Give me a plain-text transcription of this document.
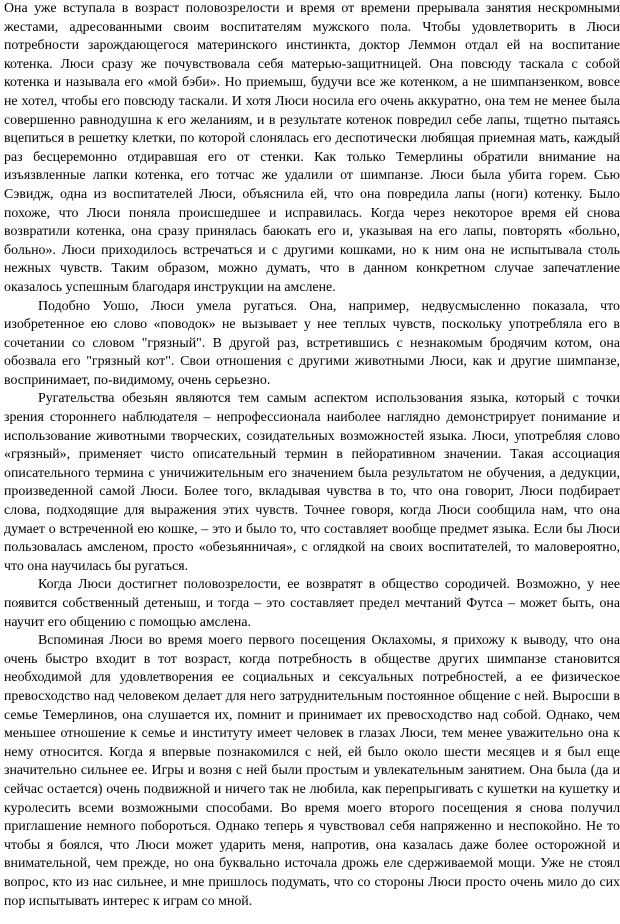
Она уже вступала в возраст половозрелости и время от времени прерывала занятия нескромными жестами, адресованными своим воспитателям мужского пола. Чтобы удовлетворить в Люси потребности зарождающегося материнского инстинкта, доктор Леммон отдал ей на воспитание котенка. Люси сразу же почувствовала себя матерью-защитницей. Она повсюду таскала с собой котенка и называла его «мой бэби». Но приемыш, будучи все же котенком, а не шимпанзенком, вовсе не хотел, чтобы его повсюду таскали. И хотя Люси носила его очень аккуратно, она тем не менее была совершенно равнодушна к его желаниям, и в результате котенок повредил себе лапы, тщетно пытаясь вцепиться в решетку клетки, по которой слонялась его деспотически любящая приемная мать, каждый раз бесцеремонно отдиравшая его от стенки. Как только Темерлины обратили внимание на изъязвленные лапки котенка, его тотчас же удалили от шимпанзе. Люси была убита горем. Сью Сэвидж, одна из воспитателей Люси, объяснила ей, что она повредила лапы (ноги) котенку. Было похоже, что Люси поняла происшедшее и исправилась. Когда через некоторое время ей снова возвратили котенка, она сразу принялась баюкать его и, указывая на его лапы, повторять «больно, больно». Люси приходилось встречаться и с другими кошками, но к ним она не испытывала столь нежных чувств. Таким образом, можно думать, что в данном конкретном случае запечатление оказалось успешным благодаря инструкции на амслене.

Подобно Уошо, Люси умела ругаться. Она, например, недвусмысленно показала, что изобретенное ею слово «поводок» не вызывает у нее теплых чувств, поскольку употребляла его в сочетании со словом "грязный". В другой раз, встретившись с незнакомым бродячим котом, она обозвала его "грязный кот". Свои отношения с другими животными Люси, как и другие шимпанзе, воспринимает, по-видимому, очень серьезно.

Ругательства обезьян являются тем самым аспектом использования языка, который с точки зрения стороннего наблюдателя – непрофессионала наиболее наглядно демонстрирует понимание и использование животными творческих, созидательных возможностей языка. Люси, употребляя слово «грязный», применяет чисто описательный термин в пейоративном значении. Такая ассоциация описательного термина с уничижительным его значением была результатом не обучения, а дедукции, произведенной самой Люси. Более того, вкладывая чувства в то, что она говорит, Люси подбирает слова, подходящие для выражения этих чувств. Точнее говоря, когда Люси сообщила нам, что она думает о встреченной ею кошке, – это и было то, что составляет вообще предмет языка. Если бы Люси пользовалась амсленом, просто «обезьянничая», с оглядкой на своих воспитателей, то маловероятно, что она научилась бы ругаться.

Когда Люси достигнет половозрелости, ее возвратят в общество сородичей. Возможно, у нее появится собственный детеныш, и тогда – это составляет предел мечтаний Футса – может быть, она научит его общению с помощью амслена.

Вспоминая Люси во время моего первого посещения Оклахомы, я прихожу к выводу, что она очень быстро входит в тот возраст, когда потребность в обществе других шимпанзе становится необходимой для удовлетворения ее социальных и сексуальных потребностей, а ее физическое превосходство над человеком делает для него затруднительным постоянное общение с ней. Выросши в семье Темерлинов, она слушается их, помнит и принимает их превосходство над собой. Однако, чем меньшее отношение к семье и институту имеет человек в глазах Люси, тем менее уважительно она к нему относится. Когда я впервые познакомился с ней, ей было около шести месяцев и я был еще значительно сильнее ее. Игры и возня с ней были простым и увлекательным занятием. Она была (да и сейчас остается) очень подвижной и ничего так не любила, как перепрыгивать с кушетки на кушетку и куролесить всеми возможными способами. Во время моего второго посещения я снова получил приглашение немного побороться. Однако теперь я чувствовал себя напряженно и неспокойно. Не то чтобы я боялся, что Люси может ударить меня, напротив, она казалась даже более осторожной и внимательной, чем прежде, но она буквально источала дрожь еле сдерживаемой мощи. Уже не стоял вопрос, кто из нас сильнее, и мне пришлось подумать, что со стороны Люси просто очень мило до сих пор испытывать интерес к играм со мной.
